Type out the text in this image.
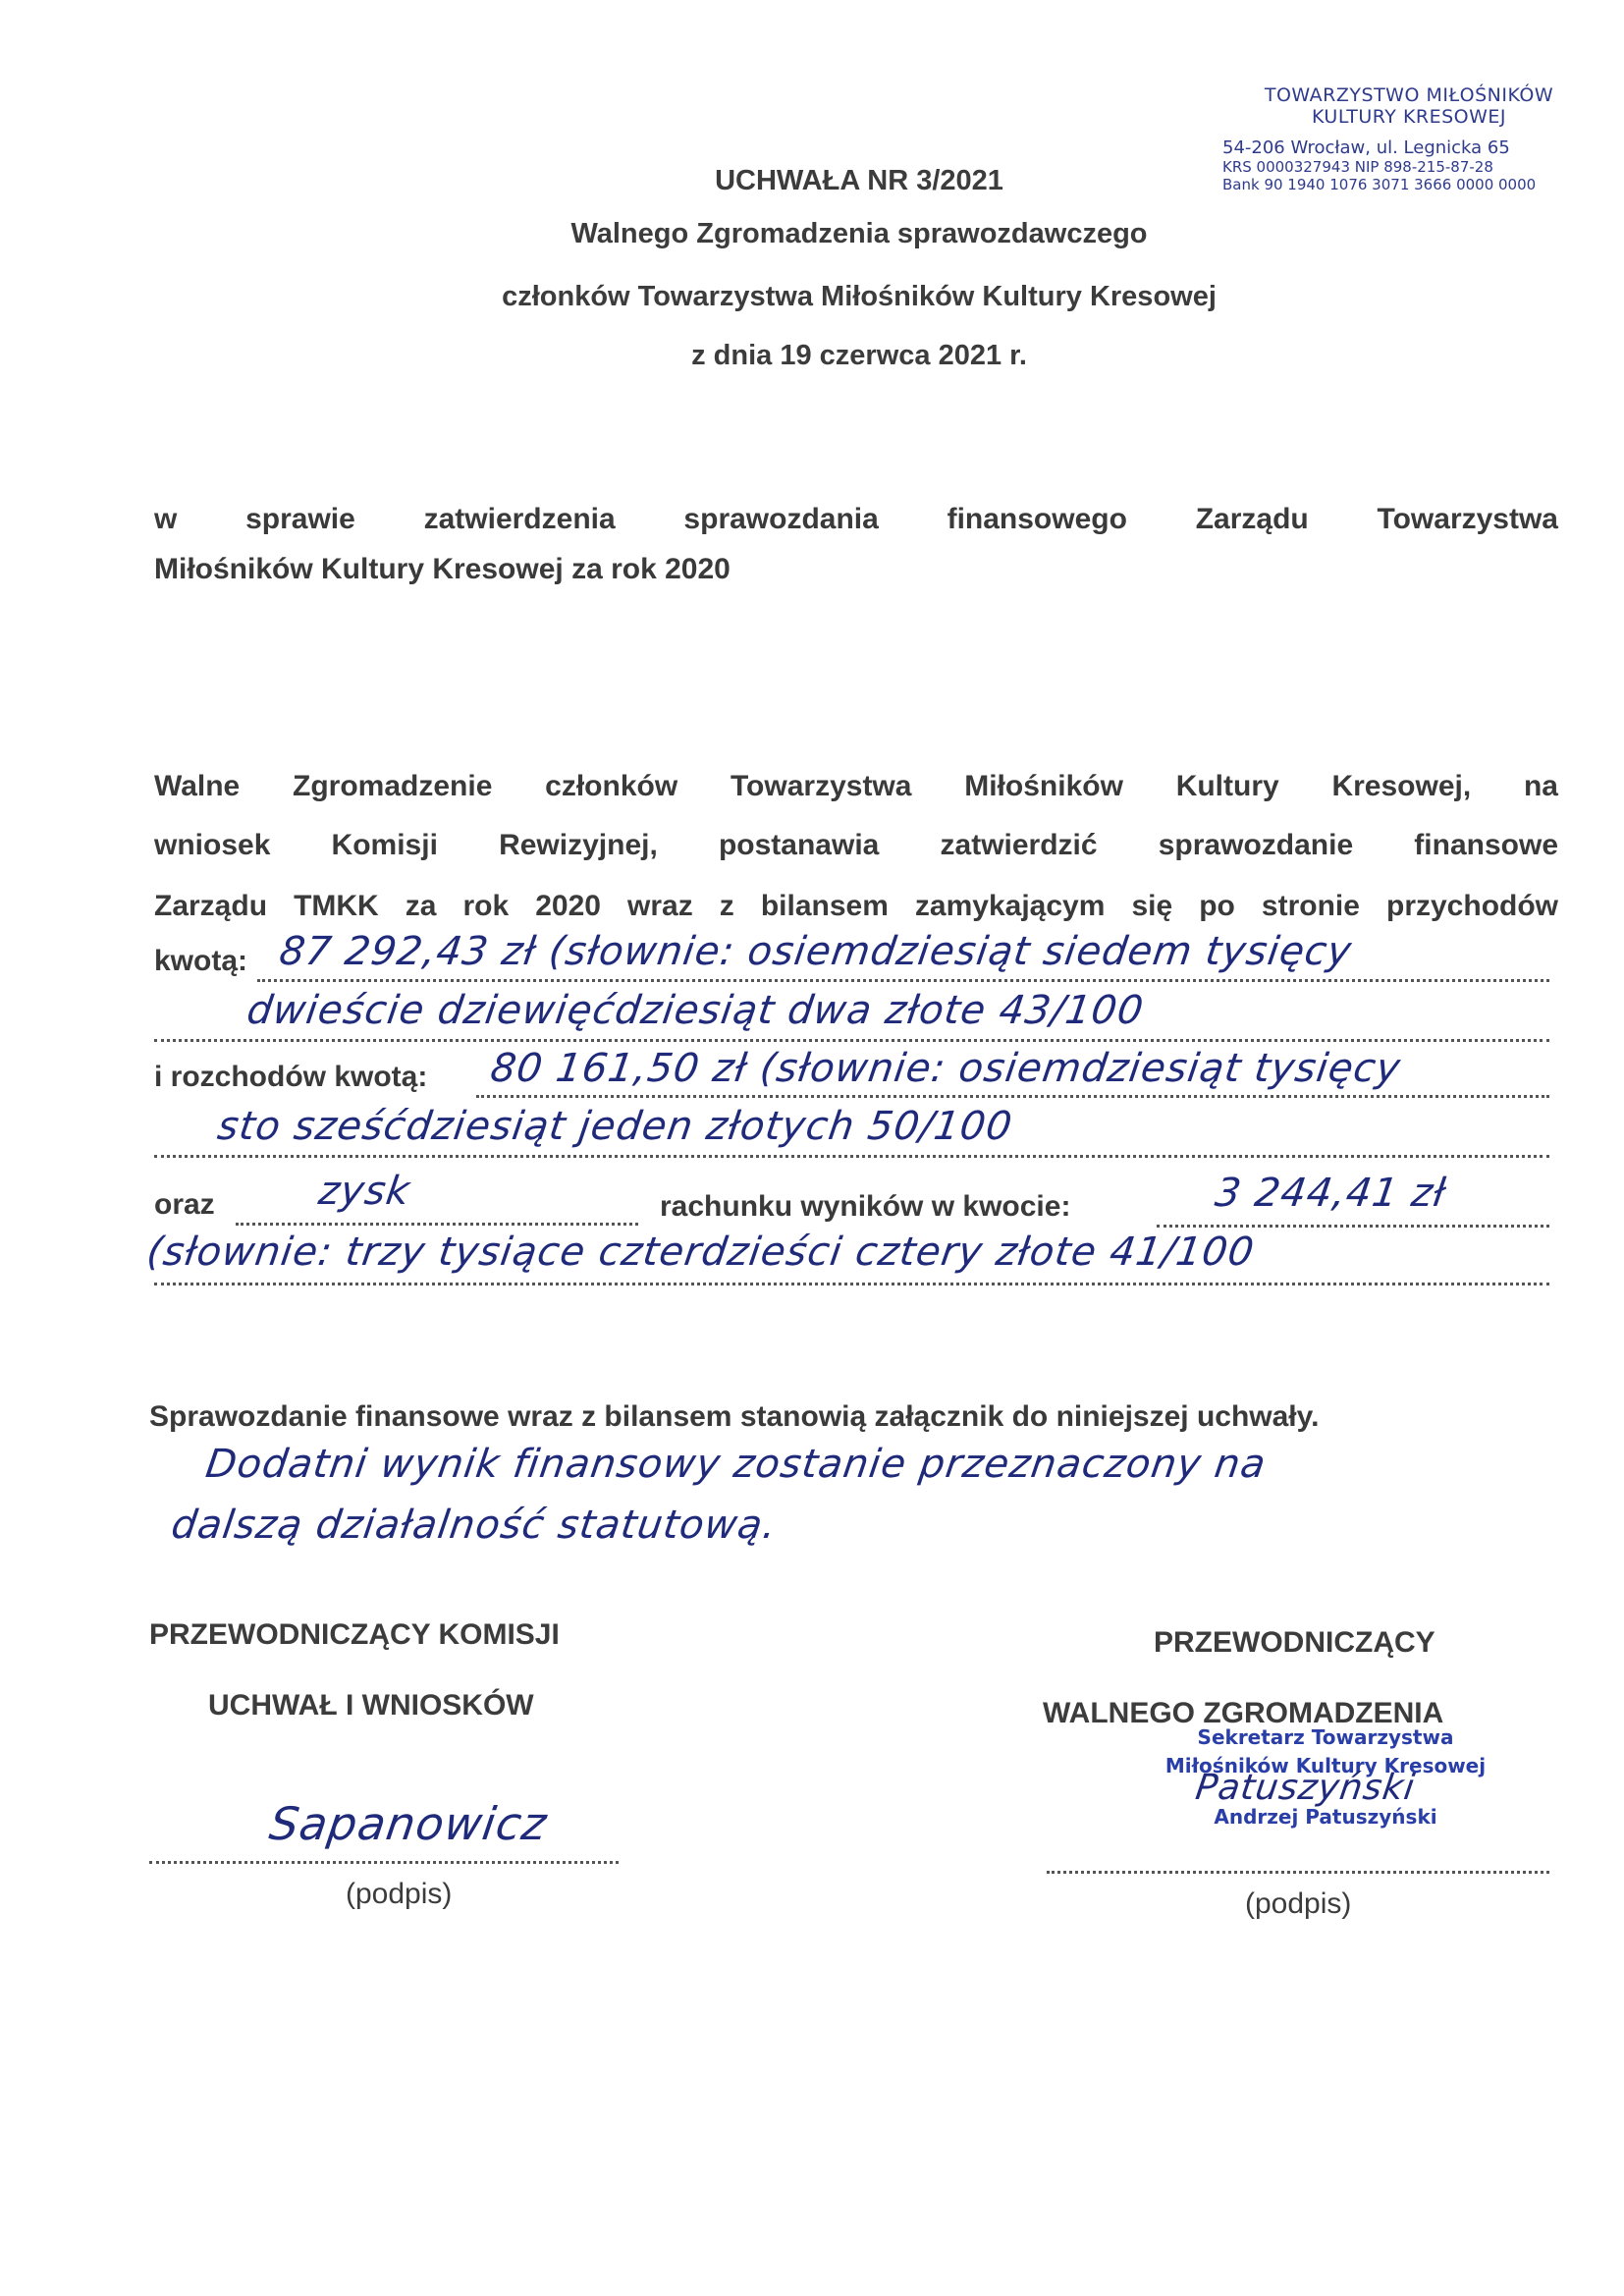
TOWARZYSTWO MIŁOŚNIKÓW
KULTURY KRESOWEJ
54-206 Wrocław, ul. Legnicka 65
KRS 0000327943 NIP 898-215-87-28
Bank 90 1940 1076 3071 3666 0000 0000
UCHWAŁA NR 3/2021
Walnego Zgromadzenia sprawozdawczego
członków Towarzystwa Miłośników Kultury Kresowej
z dnia 19 czerwca 2021 r.
w sprawie zatwierdzenia sprawozdania finansowego Zarządu Towarzystwa
Miłośników Kultury Kresowej za rok 2020
Walne Zgromadzenie członków Towarzystwa Miłośników Kultury Kresowej, na
wniosek Komisji Rewizyjnej, postanawia zatwierdzić sprawozdanie finansowe
Zarządu TMKK za rok 2020 wraz z bilansem zamykającym się po stronie przychodów
kwotą: 87 292,43 zł (słownie: osiemdziesiąt siedem tysięcy
dwieście dziewięćdziesiąt dwa złote 43/100
i rozchodów kwotą: 80 161,50 zł (słownie: osiemdziesiąt tysięcy
sto sześćdziesiąt jeden złotych 50/100
oraz	zysk	rachunku wyników w kwocie:	3 244,41 zł
(słownie: trzy tysiące czterdzieści cztery złote 41/100
Sprawozdanie finansowe wraz z bilansem stanowią załącznik do niniejszej uchwały.
Dodatni wynik finansowy zostanie przeznaczony na
dalszą działalność statutową.
PRZEWODNICZĄCY KOMISJI
UCHWAŁ I WNIOSKÓW
Sapanowicz
(podpis)
PRZEWODNICZĄCY
WALNEGO ZGROMADZENIA
Sekretarz Towarzystwa
Miłośników Kultury Kresowej
Patuszyński
Andrzej Patuszyński
(podpis)
